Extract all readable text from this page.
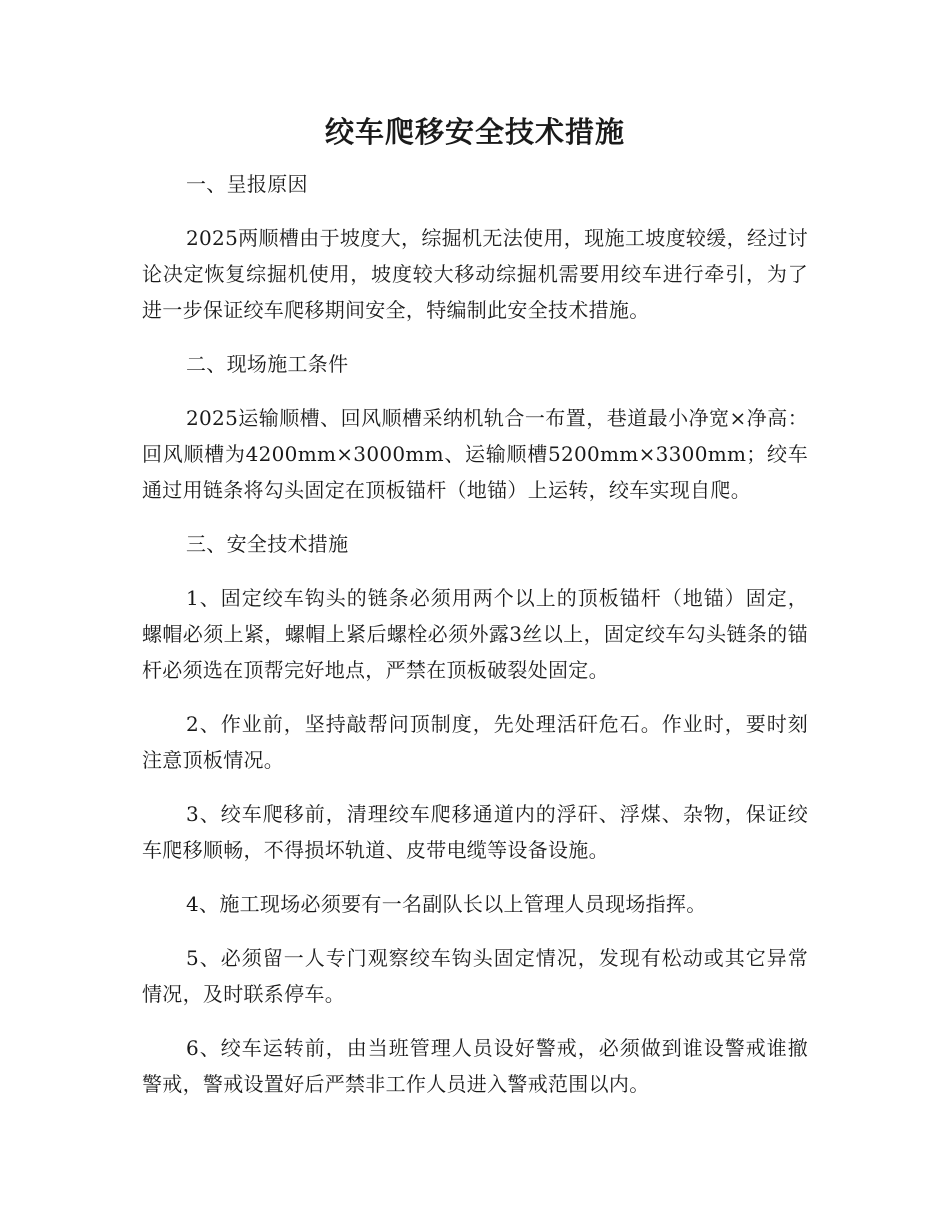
绞车爬移安全技术措施

一、呈报原因

2025两顺槽由于坡度大，综掘机无法使用，现施工坡度较缓，经过讨论决定恢复综掘机使用，坡度较大移动综掘机需要用绞车进行牵引，为了进一步保证绞车爬移期间安全，特编制此安全技术措施。

二、现场施工条件

2025运输顺槽、回风顺槽采纳机轨合一布置，巷道最小净宽×净高：回风顺槽为4200mm×3000mm、运输顺槽5200mm×3300mm；绞车通过用链条将勾头固定在顶板锚杆（地锚）上运转，绞车实现自爬。

三、安全技术措施

1、固定绞车钩头的链条必须用两个以上的顶板锚杆（地锚）固定，螺帽必须上紧，螺帽上紧后螺栓必须外露3丝以上，固定绞车勾头链条的锚杆必须选在顶帮完好地点，严禁在顶板破裂处固定。

2、作业前，坚持敲帮问顶制度，先处理活矸危石。作业时，要时刻注意顶板情况。

3、绞车爬移前，清理绞车爬移通道内的浮矸、浮煤、杂物，保证绞车爬移顺畅，不得损坏轨道、皮带电缆等设备设施。

4、施工现场必须要有一名副队长以上管理人员现场指挥。

5、必须留一人专门观察绞车钩头固定情况，发现有松动或其它异常情况，及时联系停车。

6、绞车运转前，由当班管理人员设好警戒，必须做到谁设警戒谁撤警戒，警戒设置好后严禁非工作人员进入警戒范围以内。
